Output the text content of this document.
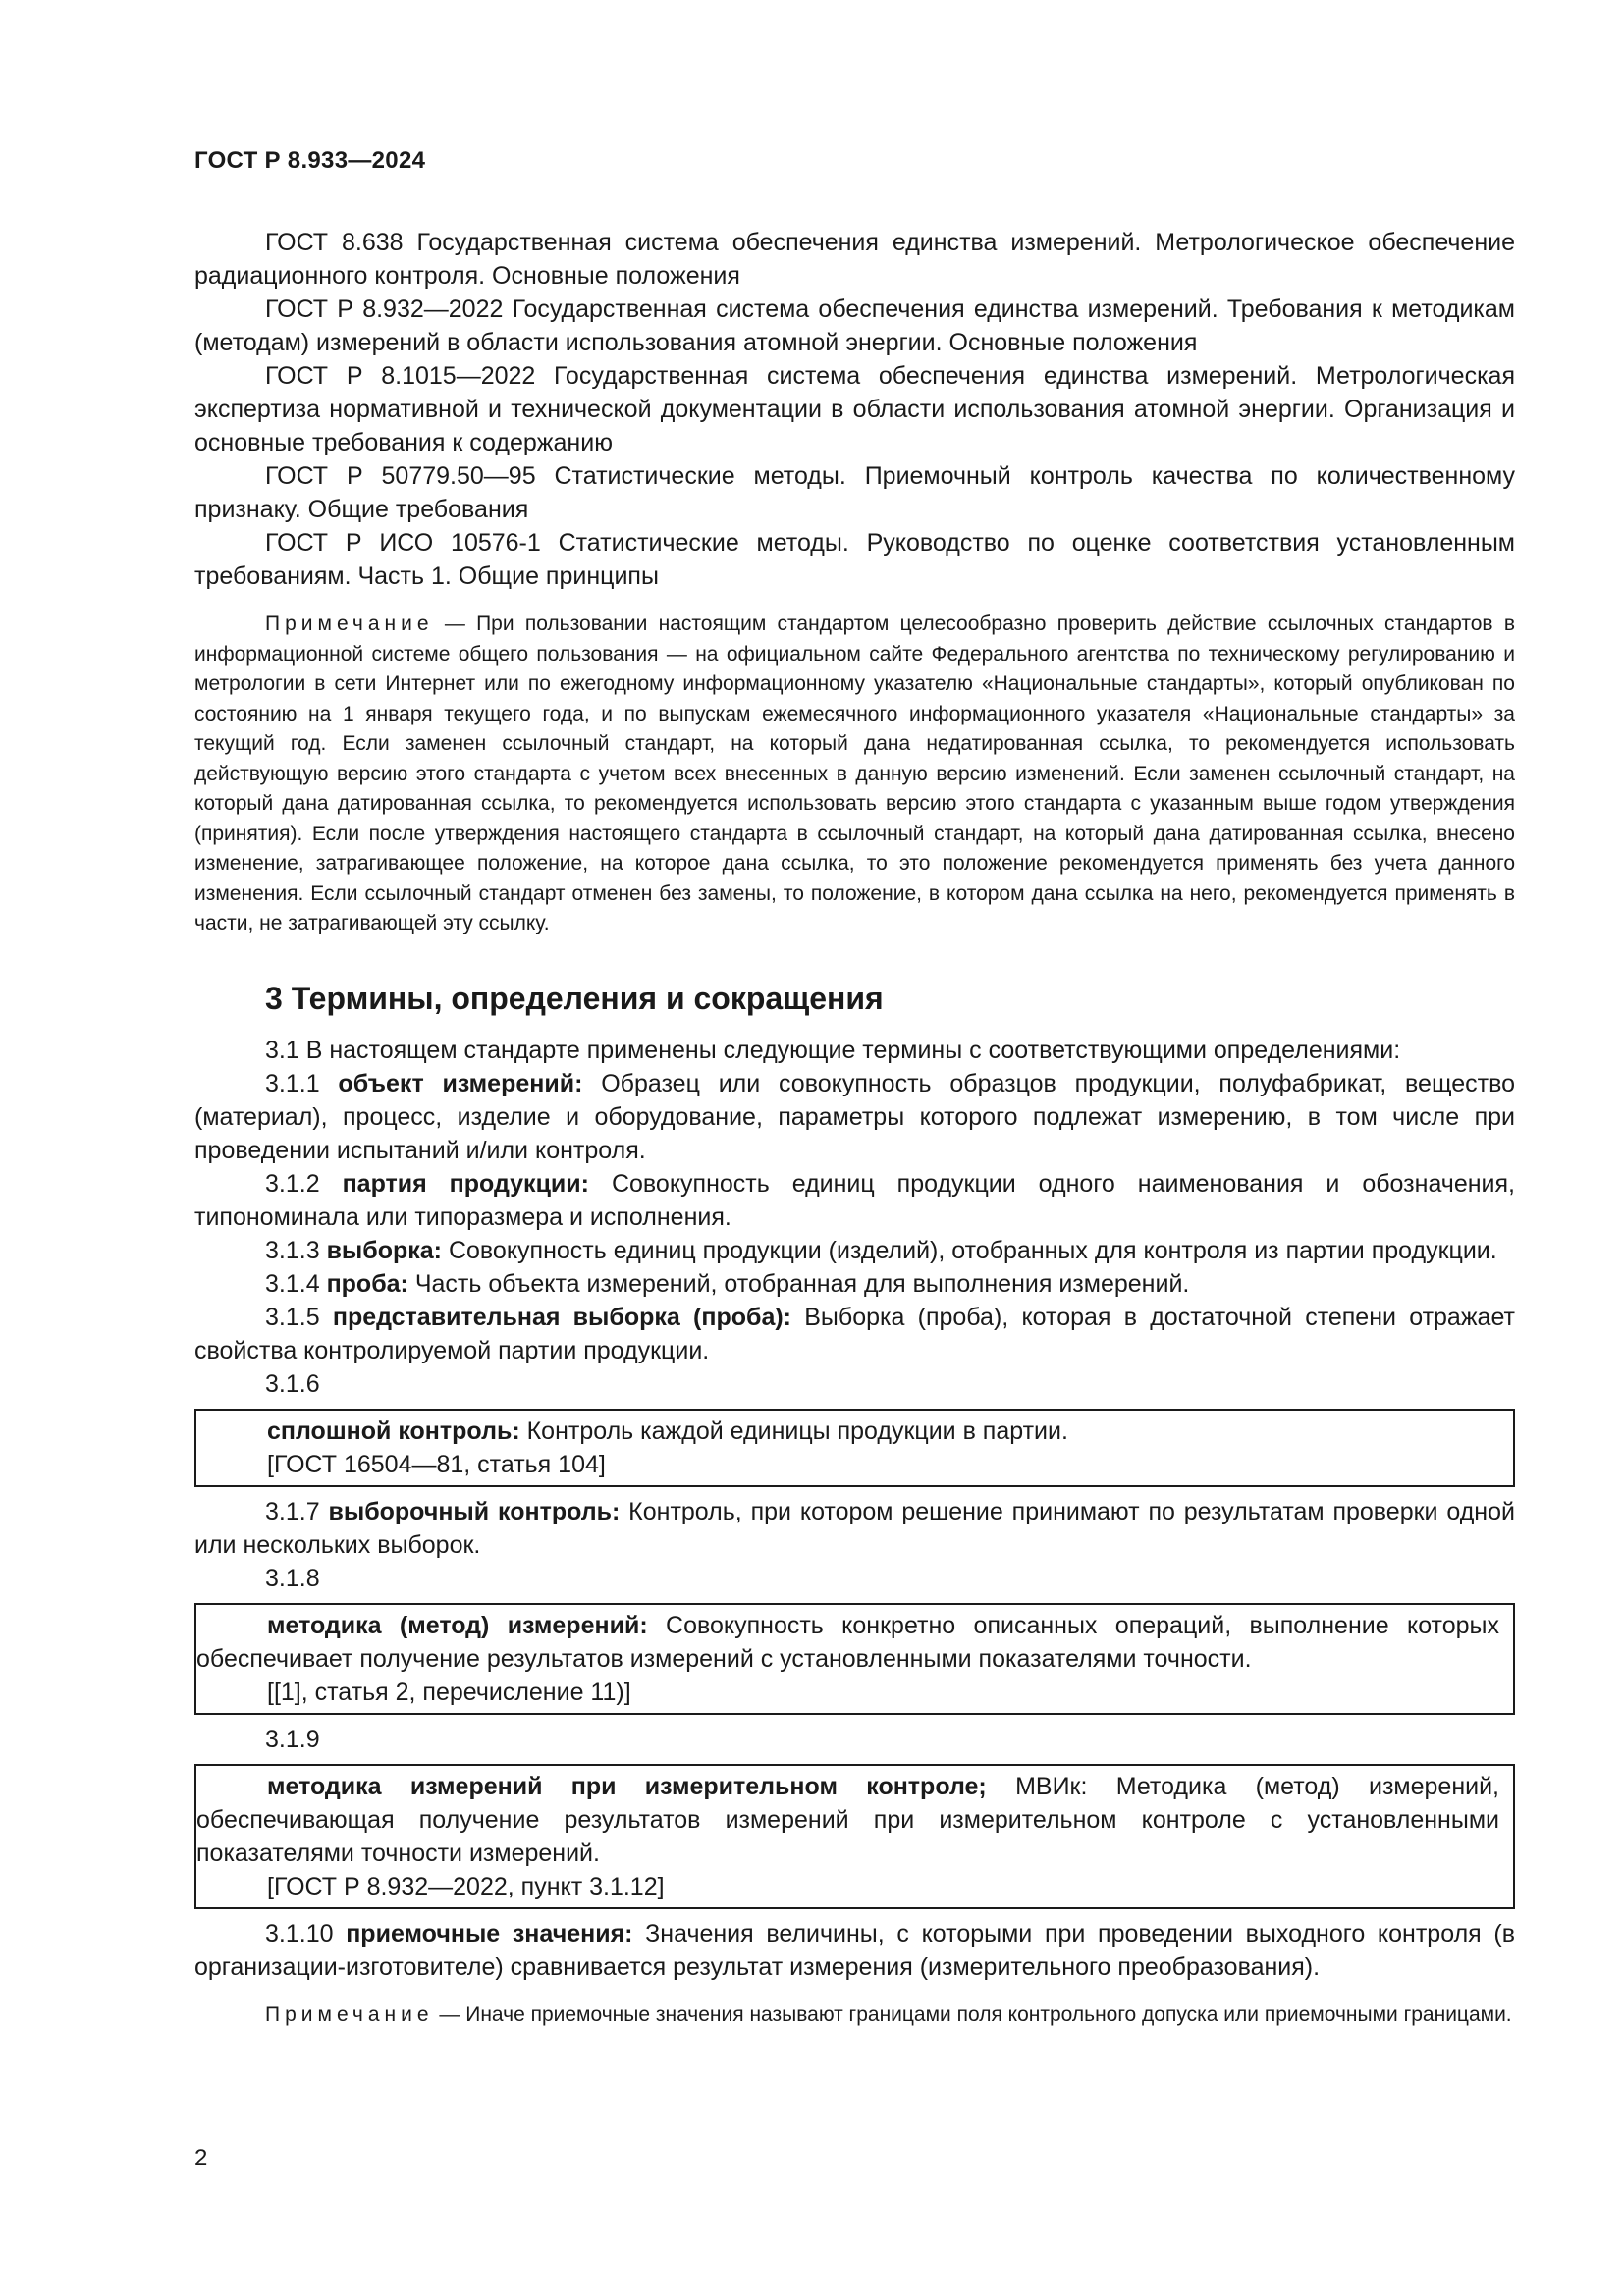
ГОСТ Р 8.933—2024

ГОСТ 8.638 Государственная система обеспечения единства измерений. Метрологическое обеспечение радиационного контроля. Основные положения

ГОСТ Р 8.932—2022 Государственная система обеспечения единства измерений. Требования к методикам (методам) измерений в области использования атомной энергии. Основные положения

ГОСТ Р 8.1015—2022 Государственная система обеспечения единства измерений. Метрологическая экспертиза нормативной и технической документации в области использования атомной энергии. Организация и основные требования к содержанию

ГОСТ Р 50779.50—95 Статистические методы. Приемочный контроль качества по количественному признаку. Общие требования

ГОСТ Р ИСО 10576-1 Статистические методы. Руководство по оценке соответствия установленным требованиям. Часть 1. Общие принципы

Примечание — При пользовании настоящим стандартом целесообразно проверить действие ссылочных стандартов в информационной системе общего пользования — на официальном сайте Федерального агентства по техническому регулированию и метрологии в сети Интернет или по ежегодному информационному указателю «Национальные стандарты», который опубликован по состоянию на 1 января текущего года, и по выпускам ежемесячного информационного указателя «Национальные стандарты» за текущий год. Если заменен ссылочный стандарт, на который дана недатированная ссылка, то рекомендуется использовать действующую версию этого стандарта с учетом всех внесенных в данную версию изменений. Если заменен ссылочный стандарт, на который дана датированная ссылка, то рекомендуется использовать версию этого стандарта с указанным выше годом утверждения (принятия). Если после утверждения настоящего стандарта в ссылочный стандарт, на который дана датированная ссылка, внесено изменение, затрагивающее положение, на которое дана ссылка, то это положение рекомендуется применять без учета данного изменения. Если ссылочный стандарт отменен без замены, то положение, в котором дана ссылка на него, рекомендуется применять в части, не затрагивающей эту ссылку.

3 Термины, определения и сокращения

3.1 В настоящем стандарте применены следующие термины с соответствующими определениями:

3.1.1 объект измерений: Образец или совокупность образцов продукции, полуфабрикат, вещество (материал), процесс, изделие и оборудование, параметры которого подлежат измерению, в том числе при проведении испытаний и/или контроля.

3.1.2 партия продукции: Совокупность единиц продукции одного наименования и обозначения, типономинала или типоразмера и исполнения.

3.1.3 выборка: Совокупность единиц продукции (изделий), отобранных для контроля из партии продукции.

3.1.4 проба: Часть объекта измерений, отобранная для выполнения измерений.

3.1.5 представительная выборка (проба): Выборка (проба), которая в достаточной степени отражает свойства контролируемой партии продукции.

3.1.6

сплошной контроль: Контроль каждой единицы продукции в партии.

[ГОСТ 16504—81, статья 104]

3.1.7 выборочный контроль: Контроль, при котором решение принимают по результатам проверки одной или нескольких выборок.

3.1.8

методика (метод) измерений: Совокупность конкретно описанных операций, выполнение которых обеспечивает получение результатов измерений с установленными показателями точности.

[[1], статья 2, перечисление 11)]

3.1.9

методика измерений при измерительном контроле; МВИк: Методика (метод) измерений, обеспечивающая получение результатов измерений при измерительном контроле с установленными показателями точности измерений.

[ГОСТ Р 8.932—2022, пункт 3.1.12]

3.1.10 приемочные значения: Значения величины, с которыми при проведении выходного контроля (в организации-изготовителе) сравнивается результат измерения (измерительного преобразования).

Примечание — Иначе приемочные значения называют границами поля контрольного допуска или приемочными границами.

2
